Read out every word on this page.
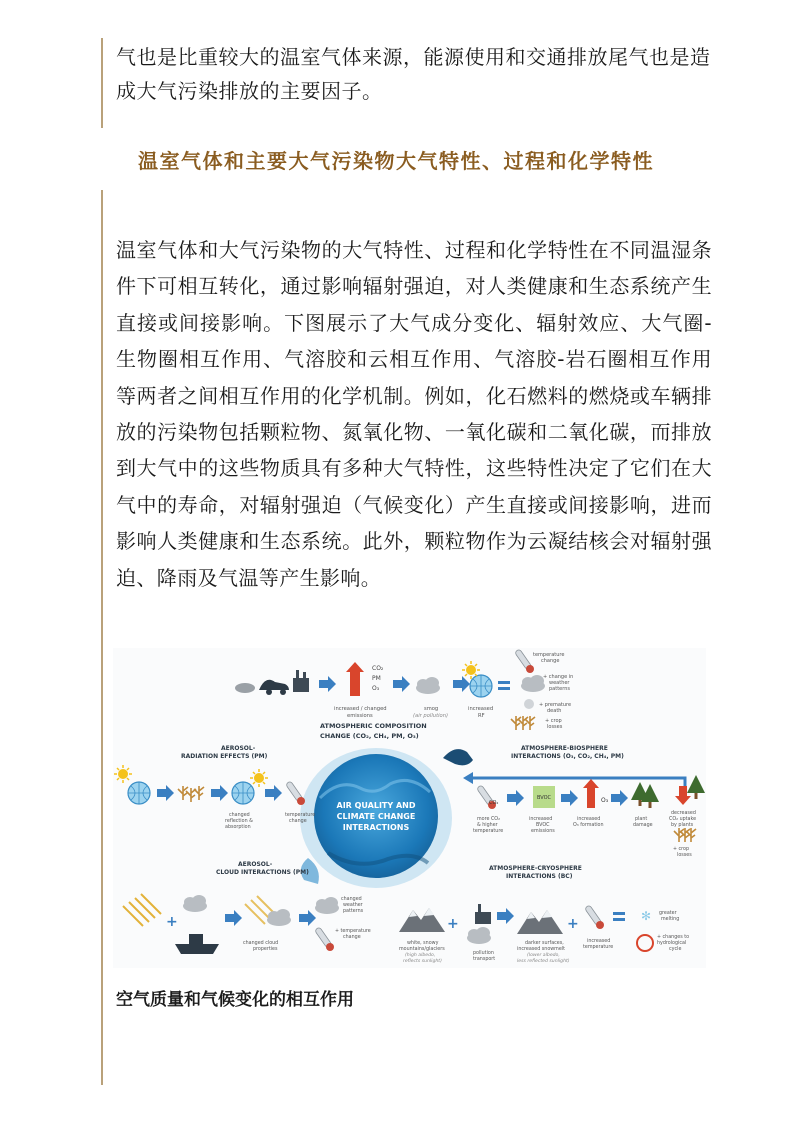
气也是比重较大的温室气体来源，能源使用和交通排放尾气也是造成大气污染排放的主要因子。
温室气体和主要大气污染物大气特性、过程和化学特性
温室气体和大气污染物的大气特性、过程和化学特性在不同温湿条件下可相互转化，通过影响辐射强迫，对人类健康和生态系统产生直接或间接影响。下图展示了大气成分变化、辐射效应、大气圈-生物圈相互作用、气溶胶和云相互作用、气溶胶-岩石圈相互作用等两者之间相互作用的化学机制。例如，化石燃料的燃烧或车辆排放的污染物包括颗粒物、氮氧化物、一氧化碳和二氧化碳，而排放到大气中的这些物质具有多种大气特性，这些特性决定了它们在大气中的寿命，对辐射强迫（气候变化）产生直接或间接影响，进而影响人类健康和生态系统。此外，颗粒物作为云凝结核会对辐射强迫、降雨及气温等产生影响。
CO₂
PM
O₃
increased / changed
emissions
smog
(air pollution)
increased
RF
temperature
change
+ change in
weather
patterns
+ premature
death
+ crop
losses
ATMOSPHERIC COMPOSITION
CHANGE (CO₂, CH₄, PM, O₃)
AIR QUALITY AND
CLIMATE CHANGE
INTERACTIONS
AEROSOL-
RADIATION EFFECTS (PM)
changed
reflection &
absorption
temperature
change
ATMOSPHERE-BIOSPHERE
INTERACTIONS (O₃, CO₂, CH₄, PM)
CO₂
BVOC	O₃
more CO₂
& higher
temperature
increased
BVOC
emissions
increased
O₃ formation
plant
damage
decreased
CO₂ uptake
by plants
+ crop
losses
AEROSOL-
CLOUD INTERACTIONS (PM)
+
changed cloud
properties
changed
weather
patterns
+ temperature
change
ATMOSPHERE-CRYOSPHERE
INTERACTIONS (BC)
+	+	✻
white, snowy
mountains/glaciers
(high albedo,
reflects sunlight)
pollution
transport
darker surfaces,
increased snowmelt
(lower albedo,
less reflected sunlight)
increased
temperature
greater
melting
+ changes to
hydrological
cycle
空气质量和气候变化的相互作用
